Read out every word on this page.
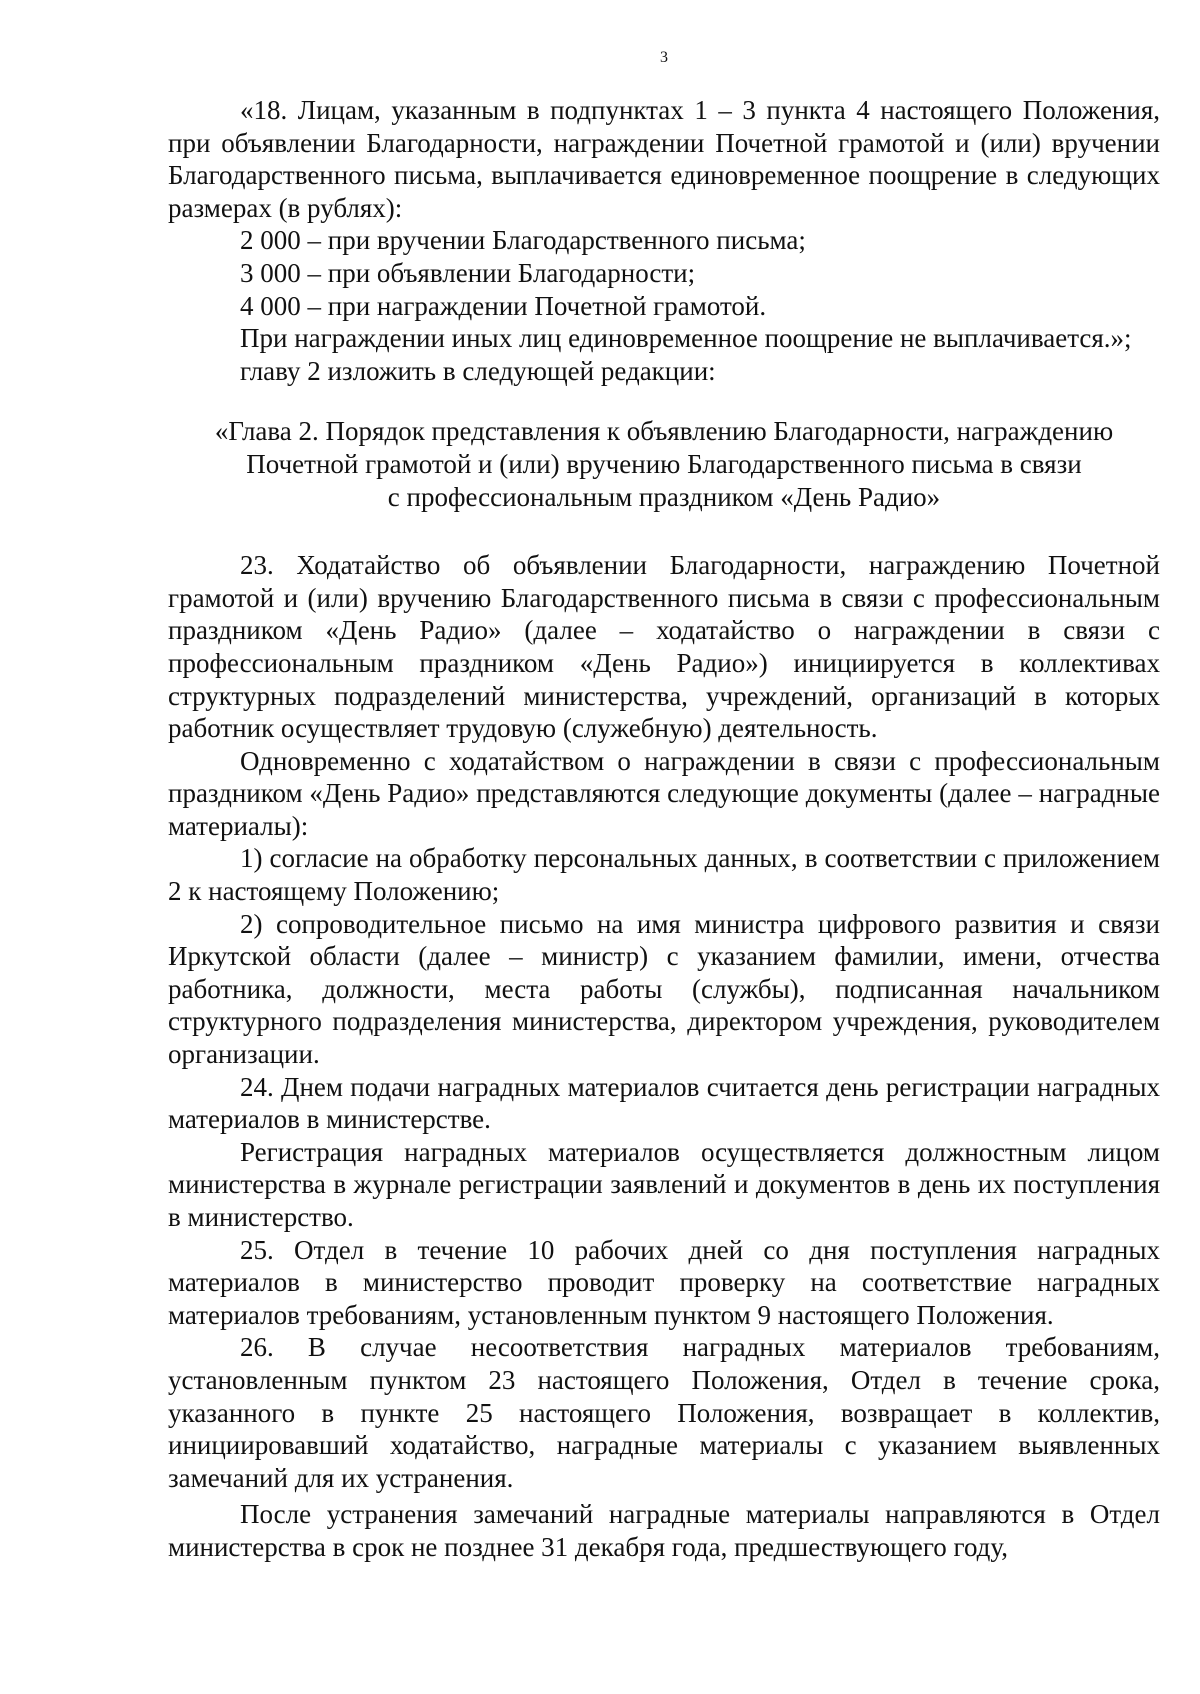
3

«18. Лицам, указанным в подпунктах 1 – 3 пункта 4 настоящего Положения, при объявлении Благодарности, награждении Почетной грамотой и (или) вручении Благодарственного письма, выплачивается единовременное поощрение в следующих размерах (в рублях):

2 000 – при вручении Благодарственного письма;

3 000 – при объявлении Благодарности;

4 000 – при награждении Почетной грамотой.

При награждении иных лиц единовременное поощрение не выплачивается.»;

главу 2 изложить в следующей редакции:

«Глава 2. Порядок представления к объявлению Благодарности, награждению
Почетной грамотой и (или) вручению Благодарственного письма в связи
с профессиональным праздником «День Радио»

23. Ходатайство об объявлении Благодарности, награждению Почетной грамотой и (или) вручению Благодарственного письма в связи с профессиональным праздником «День Радио» (далее – ходатайство о награждении в связи с профессиональным праздником «День Радио») инициируется в коллективах структурных подразделений министерства, учреждений, организаций в которых работник осуществляет трудовую (служебную) деятельность.

Одновременно с ходатайством о награждении в связи с профессиональным праздником «День Радио» представляются следующие документы (далее – наградные материалы):

1) согласие на обработку персональных данных, в соответствии с приложением 2 к настоящему Положению;

2) сопроводительное письмо на имя министра цифрового развития и связи Иркутской области (далее – министр) с указанием фамилии, имени, отчества работника, должности, места работы (службы), подписанная начальником структурного подразделения министерства, директором учреждения, руководителем организации.

24. Днем подачи наградных материалов считается день регистрации наградных материалов в министерстве.

Регистрация наградных материалов осуществляется должностным лицом министерства в журнале регистрации заявлений и документов в день их поступления в министерство.

25. Отдел в течение 10 рабочих дней со дня поступления наградных материалов в министерство проводит проверку на соответствие наградных материалов требованиям, установленным пунктом 9 настоящего Положения.

26. В случае несоответствия наградных материалов требованиям, установленным пунктом 23 настоящего Положения, Отдел в течение срока, указанного в пункте 25 настоящего Положения, возвращает в коллектив, инициировавший ходатайство, наградные материалы с указанием выявленных замечаний для их устранения.

После устранения замечаний наградные материалы направляются в Отдел министерства в срок не позднее 31 декабря года, предшествующего году,
